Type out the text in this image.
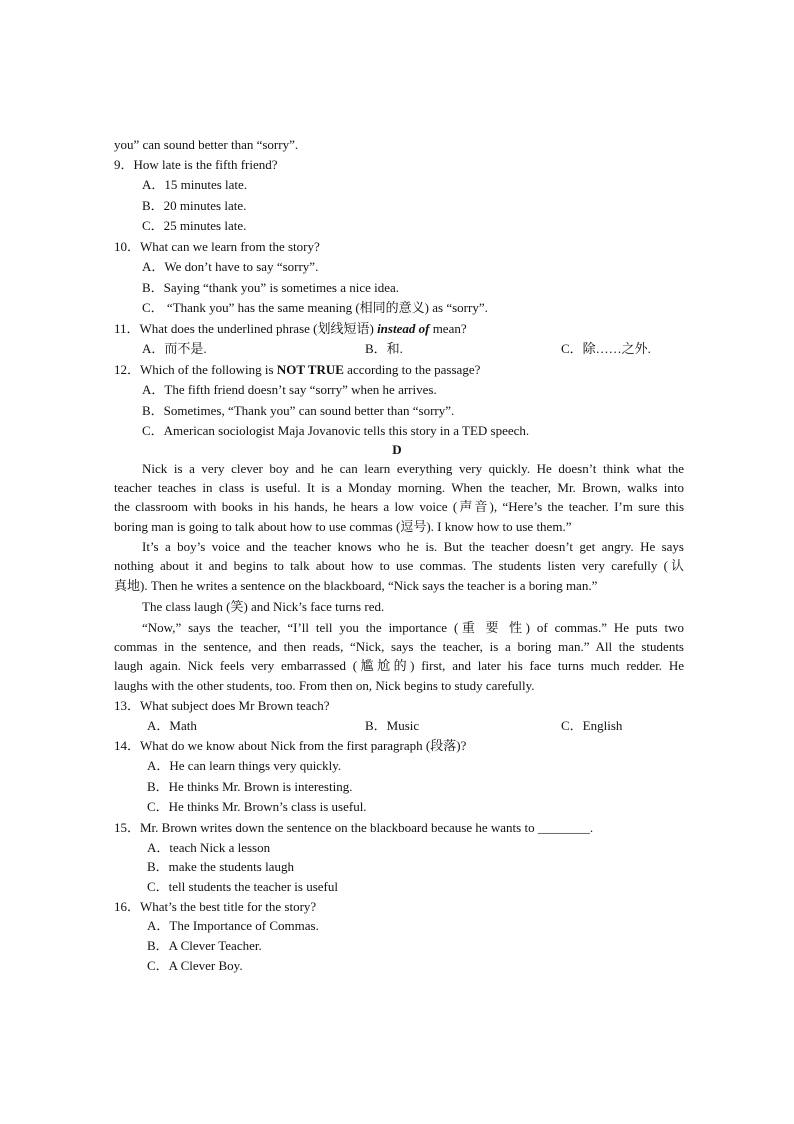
you” can sound better than “sorry”.
9．How late is the fifth friend?
A．15 minutes late.
B．20 minutes late.
C．25 minutes late.
10．What can we learn from the story?
A．We don’t have to say “sorry”.
B．Saying “thank you” is sometimes a nice idea.
C． “Thank you” has the same meaning (相同的意义) as “sorry”.
11．What does the underlined phrase (划线短语) instead of mean?
A．而不是.	B．和.	C．除……之外.
12．Which of the following is NOT TRUE according to the passage?
A．The fifth friend doesn’t say “sorry” when he arrives.
B．Sometimes, “Thank you” can sound better than “sorry”.
C．American sociologist Maja Jovanovic tells this story in a TED speech.
D
Nick is a very clever boy and he can learn everything very quickly. He doesn’t think what the
teacher teaches in class is useful. It is a Monday morning. When the teacher, Mr. Brown, walks into
the classroom with books in his hands, he hears a low voice (声音), “Here’s the teacher. I’m sure this
boring man is going to talk about how to use commas (逗号). I know how to use them.”
It’s a boy’s voice and the teacher knows who he is. But the teacher doesn’t get angry. He says
nothing about it and begins to talk about how to use commas. The students listen very carefully (认
真地). Then he writes a sentence on the blackboard, “Nick says the teacher is a boring man.”
The class laugh (笑) and Nick’s face turns red.
“Now,” says the teacher, “I’ll tell you the importance (重 要 性) of commas.” He puts two
commas in the sentence, and then reads, “Nick, says the teacher, is a boring man.” All the students
laugh again. Nick feels very embarrassed (尴尬的) first, and later his face turns much redder. He
laughs with the other students, too. From then on, Nick begins to study carefully.
13．What subject does Mr Brown teach?
A．Math	B．Music	C．English
14．What do we know about Nick from the first paragraph (段落)?
A．He can learn things very quickly.
B．He thinks Mr. Brown is interesting.
C．He thinks Mr. Brown’s class is useful.
15．Mr. Brown writes down the sentence on the blackboard because he wants to ________.
A．teach Nick a lesson
B．make the students laugh
C．tell students the teacher is useful
16．What’s the best title for the story?
A．The Importance of Commas.
B．A Clever Teacher.
C．A Clever Boy.
